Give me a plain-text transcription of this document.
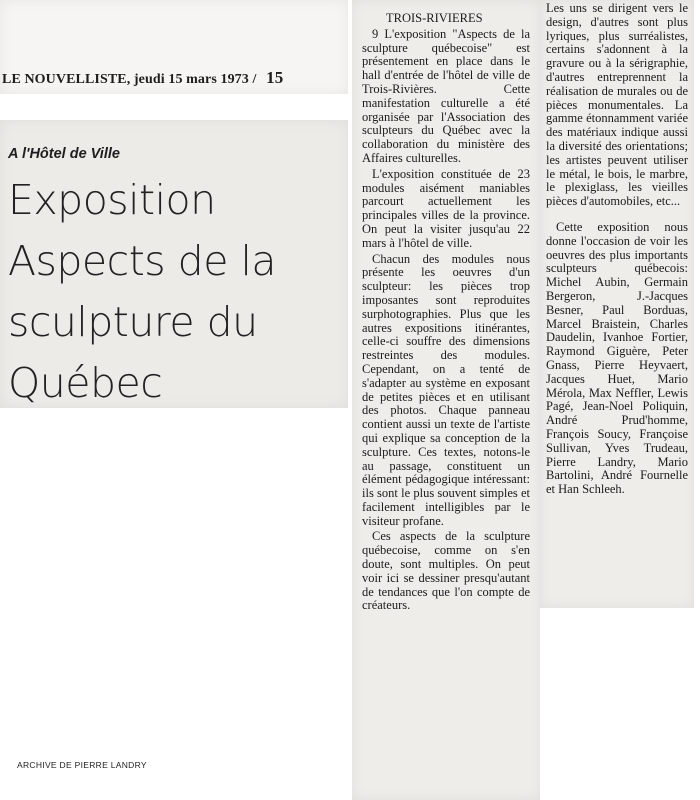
LE NOUVELLISTE, jeudi 15 mars 1973 / 15
A l'Hôtel de Ville
Exposition
Aspects de la
sculpture du
Québec

TROIS-RIVIERES

9 L'exposition "Aspects de la sculpture québecoise" est présentement en place dans le hall d'entrée de l'hôtel de ville de Trois-Rivières. Cette manifestation culturelle a été organisée par l'Association des sculpteurs du Québec avec la collaboration du ministère des Affaires culturelles.

L'exposition constituée de 23 modules aisément maniables parcourt actuellement les principales villes de la province. On peut la visiter jusqu'au 22 mars à l'hôtel de ville.

Chacun des modules nous présente les oeuvres d'un sculpteur: les pièces trop imposantes sont reproduites surphotographies. Plus que les autres expositions itinérantes, celle-ci souffre des dimensions restreintes des modules. Cependant, on a tenté de s'adapter au système en exposant de petites pièces et en utilisant des photos. Chaque panneau contient aussi un texte de l'artiste qui explique sa conception de la sculpture. Ces textes, notons-le au passage, constituent un élément pédagogique intéressant: ils sont le plus souvent simples et facilement intelligibles par le visiteur profane.

Ces aspects de la sculpture québecoise, comme on s'en doute, sont multiples. On peut voir ici se dessiner presqu'autant de tendances que l'on compte de créateurs.

Les uns se dirigent vers le design, d'autres sont plus lyriques, plus surréalistes, certains s'adonnent à la gravure ou à la sérigraphie, d'autres entreprennent la réalisation de murales ou de pièces monumentales. La gamme étonnamment variée des matériaux indique aussi la diversité des orientations; les artistes peuvent utiliser le métal, le bois, le marbre, le plexiglass, les vieilles pièces d'automobiles, etc...

Cette exposition nous donne l'occasion de voir les oeuvres des plus importants sculpteurs québecois: Michel Aubin, Germain Bergeron, J.-Jacques Besner, Paul Borduas, Marcel Braistein, Charles Daudelin, Ivanhoe Fortier, Raymond Giguère, Peter Gnass, Pierre Heyvaert, Jacques Huet, Mario Mérola, Max Neffler, Lewis Pagé, Jean-Noel Poliquin, André Prud'homme, François Soucy, Françoise Sullivan, Yves Trudeau, Pierre Landry, Mario Bartolini, André Fournelle et Han Schleeh.

ARCHIVE DE PIERRE LANDRY
